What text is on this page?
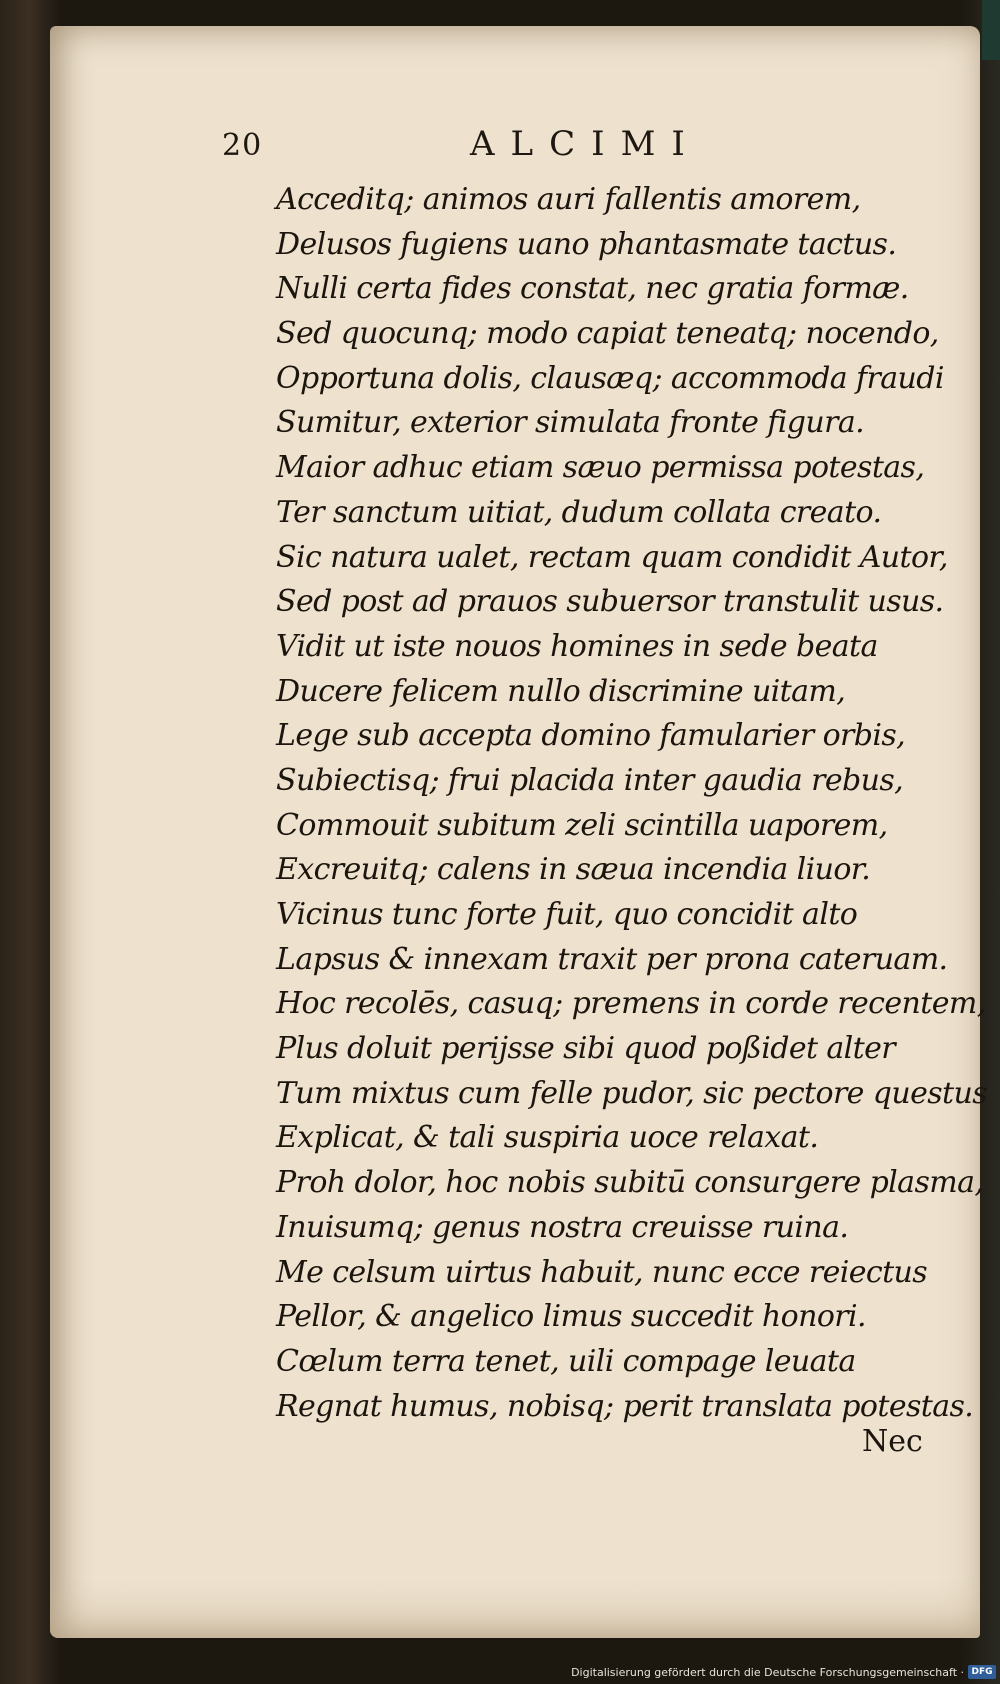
20	ALCIMI
Acceditq; animos auri fallentis amorem,
Delusos fugiens uano phantasmate tactus.
Nulli certa fides constat, nec gratia formæ.
Sed quocunq; modo capiat teneatq; nocendo,
Opportuna dolis, clausæq; accommoda fraudi
Sumitur, exterior simulata fronte figura.
Maior adhuc etiam sæuo permissa potestas,
Ter sanctum uitiat, dudum collata creato.
Sic natura ualet, rectam quam condidit Autor,
Sed post ad prauos subuersor transtulit usus.
Vidit ut iste nouos homines in sede beata
Ducere felicem nullo discrimine uitam,
Lege sub accepta domino famularier orbis,
Subiectisq; frui placida inter gaudia rebus,
Commouit subitum zeli scintilla uaporem,
Excreuitq; calens in sæua incendia liuor.
Vicinus tunc forte fuit, quo concidit alto
Lapsus & innexam traxit per prona cateruam.
Hoc recolēs, casuq; premens in corde recentem,
Plus doluit perijsse sibi quod poßidet alter
Tum mixtus cum felle pudor, sic pectore questus
Explicat, & tali suspiria uoce relaxat.
Proh dolor, hoc nobis subitū consurgere plasma,
Inuisumq; genus nostra creuisse ruina.
Me celsum uirtus habuit, nunc ecce reiectus
Pellor, & angelico limus succedit honori.
Cœlum terra tenet, uili compage leuata
Regnat humus, nobisq; perit translata potestas.
Nec
Digitalisierung gefördert durch die Deutsche Forschungsgemeinschaft · DFG
